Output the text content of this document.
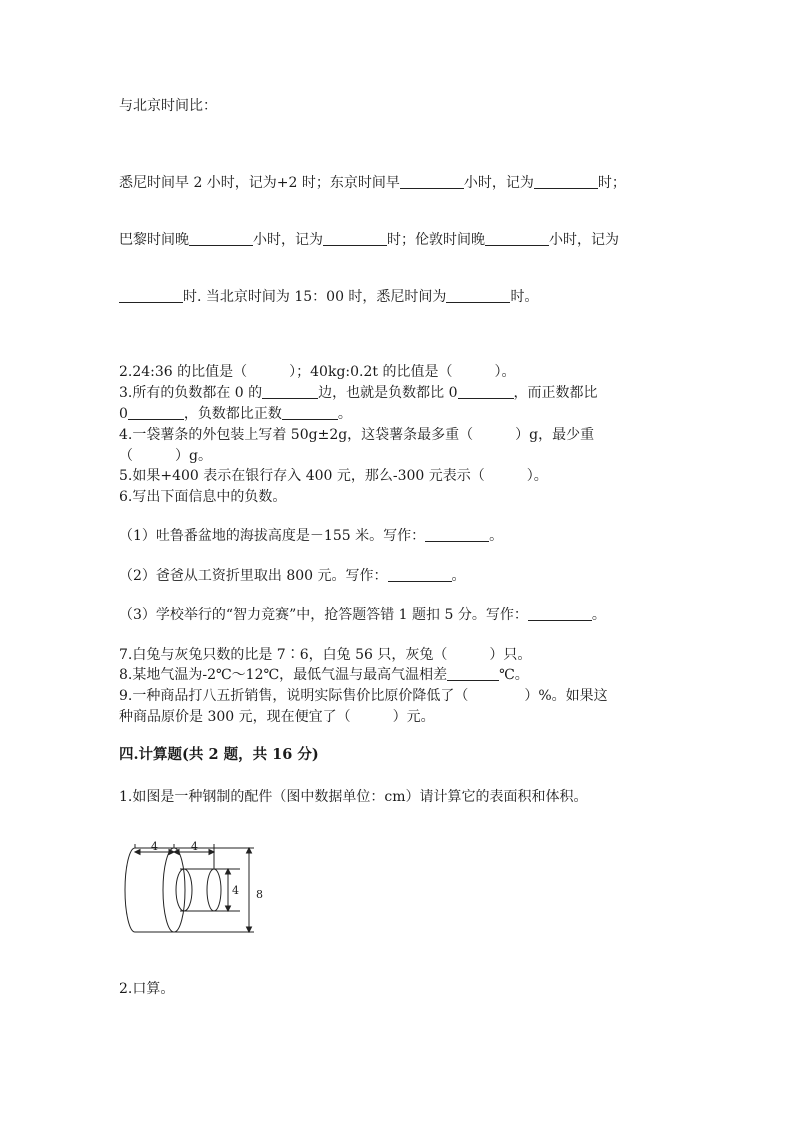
与北京时间比：
悉尼时间早 2 小时，记为+2 时；东京时间早	小时，记为	时；
巴黎时间晚	小时，记为	时；伦敦时间晚	小时，记为
时. 当北京时间为 15：00 时，悉尼时间为	时。
2.24:36 的比值是（　　　）；40kg:0.2t 的比值是（　　　）。
3.所有的负数都在 0 的	边，也就是负数都比 0	，而正数都比
0	，负数都比正数	。
4.一袋薯条的外包装上写着 50g±2g，这袋薯条最多重（　　　）g，最少重
（　　　）g。
5.如果+400 表示在银行存入 400 元，那么-300 元表示（　　　）。
6.写出下面信息中的负数。
（1）吐鲁番盆地的海拔高度是－155 米。写作：	。
（2）爸爸从工资折里取出 800 元。写作：	。
（3）学校举行的“智力竞赛”中，抢答题答错 1 题扣 5 分。写作：	。
7.白兔与灰兔只数的比是 7∶6，白兔 56 只，灰兔（　　　）只。
8.某地气温为-2℃～12℃，最低气温与最高气温相差	℃。
9.一种商品打八五折销售，说明实际售价比原价降低了（　　　　）%。如果这
种商品原价是 300 元，现在便宜了（　　　）元。
四.计算题(共 2 题，共 16 分)
1.如图是一种钢制的配件（图中数据单位：cm）请计算它的表面积和体积。
2.口算。
4	4
4 8
